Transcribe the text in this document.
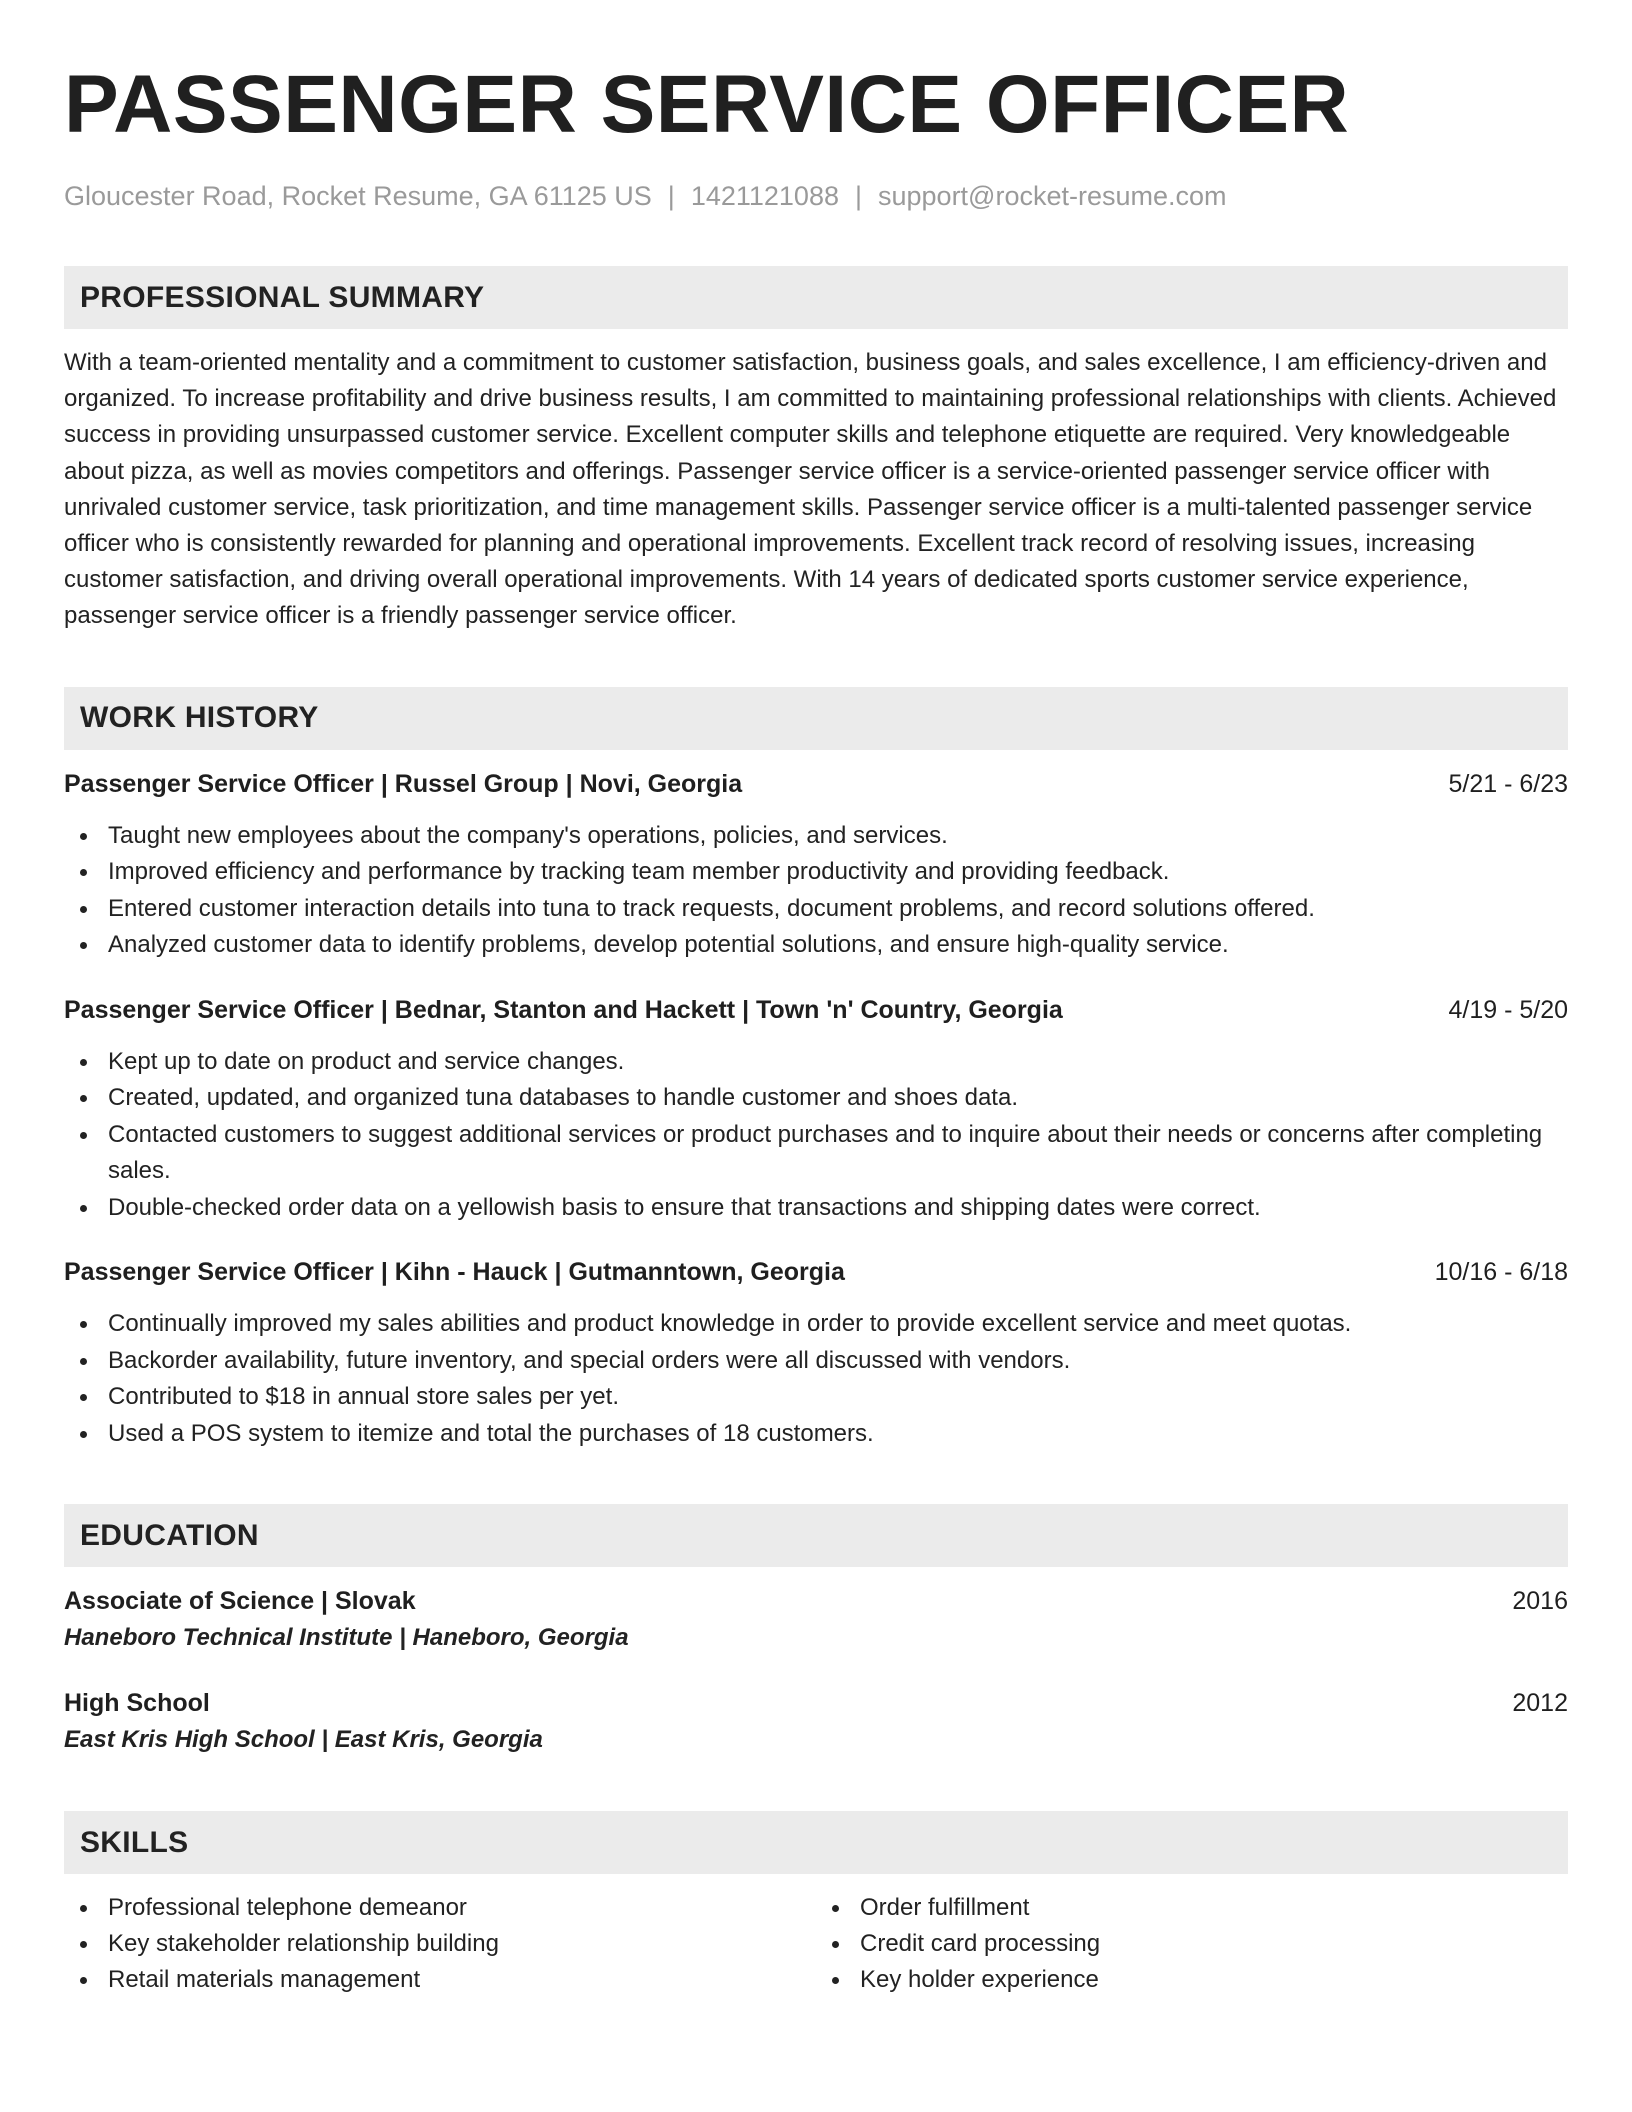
PASSENGER SERVICE OFFICER
Gloucester Road, Rocket Resume, GA 61125 US | 1421121088 | support@rocket-resume.com
PROFESSIONAL SUMMARY

With a team-oriented mentality and a commitment to customer satisfaction, business goals, and sales excellence, I am efficiency-driven and organized. To increase profitability and drive business results, I am committed to maintaining professional relationships with clients. Achieved success in providing unsurpassed customer service. Excellent computer skills and telephone etiquette are required. Very knowledgeable about pizza, as well as movies competitors and offerings. Passenger service officer is a service-oriented passenger service officer with unrivaled customer service, task prioritization, and time management skills. Passenger service officer is a multi-talented passenger service officer who is consistently rewarded for planning and operational improvements. Excellent track record of resolving issues, increasing customer satisfaction, and driving overall operational improvements. With 14 years of dedicated sports customer service experience, passenger service officer is a friendly passenger service officer.

WORK HISTORY
Passenger Service Officer | Russel Group | Novi, Georgia	5/21 - 6/23
Taught new employees about the company's operations, policies, and services.
Improved efficiency and performance by tracking team member productivity and providing feedback.
Entered customer interaction details into tuna to track requests, document problems, and record solutions offered.
Analyzed customer data to identify problems, develop potential solutions, and ensure high-quality service.
Passenger Service Officer | Bednar, Stanton and Hackett | Town 'n' Country, Georgia	4/19 - 5/20
Kept up to date on product and service changes.
Created, updated, and organized tuna databases to handle customer and shoes data.
Contacted customers to suggest additional services or product purchases and to inquire about their needs or concerns after completing sales.
Double-checked order data on a yellowish basis to ensure that transactions and shipping dates were correct.
Passenger Service Officer | Kihn - Hauck | Gutmanntown, Georgia	10/16 - 6/18
Continually improved my sales abilities and product knowledge in order to provide excellent service and meet quotas.
Backorder availability, future inventory, and special orders were all discussed with vendors.
Contributed to $18 in annual store sales per yet.
Used a POS system to itemize and total the purchases of 18 customers.
EDUCATION
Associate of Science | Slovak	2016
Haneboro Technical Institute | Haneboro, Georgia
High School	2012
East Kris High School | East Kris, Georgia
SKILLS
Professional telephone demeanor
Key stakeholder relationship building
Retail materials management
Order fulfillment
Credit card processing
Key holder experience
